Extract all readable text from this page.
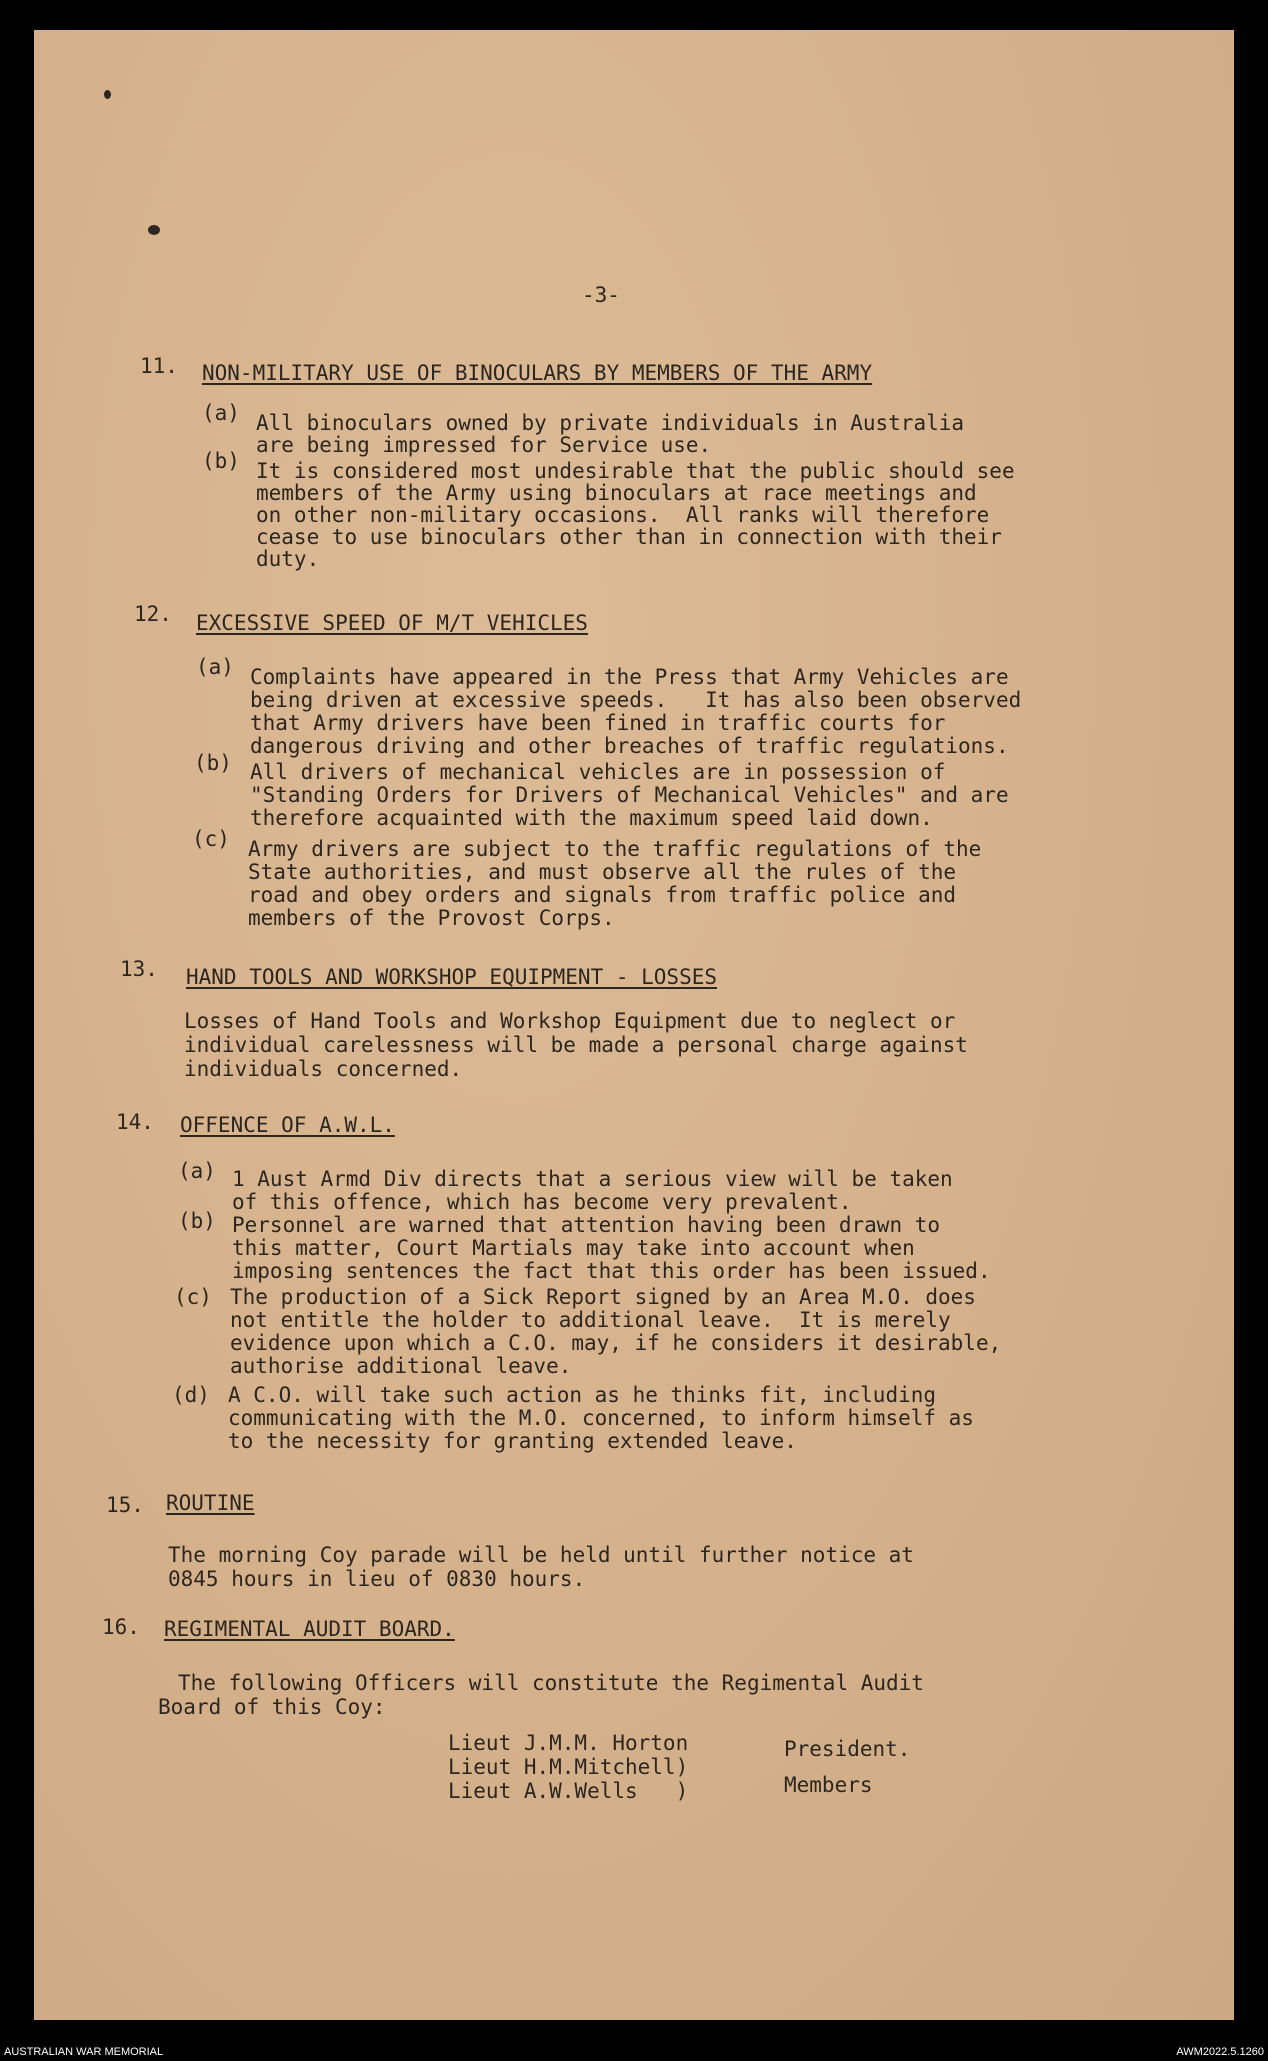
-3-
11. NON-MILITARY USE OF BINOCULARS BY MEMBERS OF THE ARMY
(a) All binoculars owned by private individuals in Australia
are being impressed for Service use.
(b) It is considered most undesirable that the public should see
members of the Army using binoculars at race meetings and
on other non-military occasions.  All ranks will therefore
cease to use binoculars other than in connection with their
duty.
12. EXCESSIVE SPEED OF M/T VEHICLES
(a) Complaints have appeared in the Press that Army Vehicles are
being driven at excessive speeds.   It has also been observed
that Army drivers have been fined in traffic courts for
dangerous driving and other breaches of traffic regulations.
(b) All drivers of mechanical vehicles are in possession of
"Standing Orders for Drivers of Mechanical Vehicles" and are
therefore acquainted with the maximum speed laid down.
(c) Army drivers are subject to the traffic regulations of the
State authorities, and must observe all the rules of the
road and obey orders and signals from traffic police and
members of the Provost Corps.
13. HAND TOOLS AND WORKSHOP EQUIPMENT - LOSSES
Losses of Hand Tools and Workshop Equipment due to neglect or
individual carelessness will be made a personal charge against
individuals concerned.
14. OFFENCE OF A.W.L.
(a) 1 Aust Armd Div directs that a serious view will be taken
of this offence, which has become very prevalent.
(b) Personnel are warned that attention having been drawn to
this matter, Court Martials may take into account when
imposing sentences the fact that this order has been issued.
(c) The production of a Sick Report signed by an Area M.O. does
not entitle the holder to additional leave.  It is merely
evidence upon which a C.O. may, if he considers it desirable,
authorise additional leave.
(d) A C.O. will take such action as he thinks fit, including
communicating with the M.O. concerned, to inform himself as
to the necessity for granting extended leave.
15. ROUTINE
The morning Coy parade will be held until further notice at
0845 hours in lieu of 0830 hours.
16. REGIMENTAL AUDIT BOARD.
The following Officers will constitute the Regimental Audit
Board of this Coy:
Lieut J.M.M. Horton	President.
Lieut H.M.Mitchell)
Lieut A.W.Wells   )	Members
AUSTRALIAN WAR MEMORIAL	AWM2022.5.1260
